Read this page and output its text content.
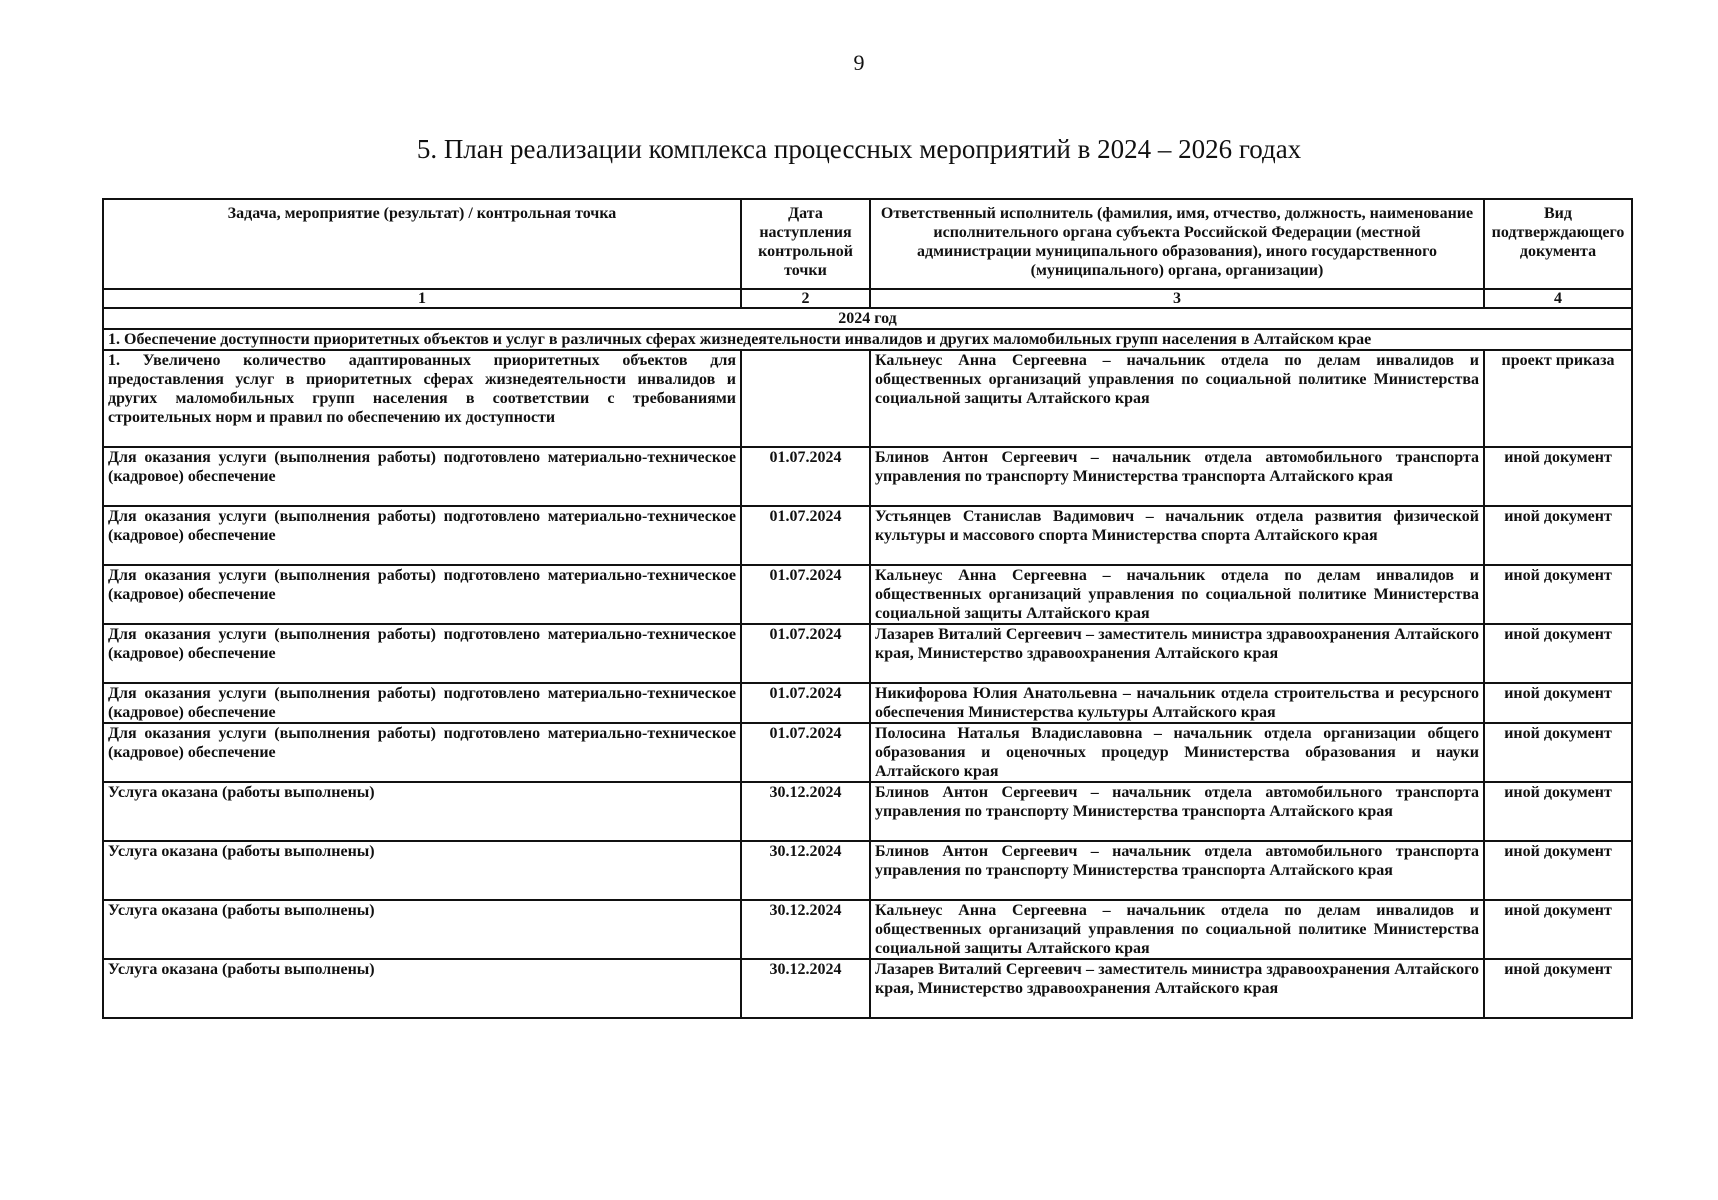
9
5. План реализации комплекса процессных мероприятий в 2024 – 2026 годах
Задача, мероприятие (результат) / контрольная точка	Дата наступления контрольной точки	Ответственный исполнитель (фамилия, имя, отчество, должность, наименование исполнительного органа субъекта Российской Федерации (местной администрации муниципального образования), иного государственного (муниципального) органа, организации)	Вид подтверждающего документа
1	2	3	4
2024 год			
1. Обеспечение доступности приоритетных объектов и услуг в различных сферах жизнедеятельности инвалидов и других маломобильных групп населения в Алтайском крае			
1. Увеличено количество адаптированных приоритетных объектов для предоставления услуг в приоритетных сферах жизнедеятельности инвалидов и других маломобильных групп населения в соответствии с требованиями строительных норм и правил по обеспечению их доступности		Кальнеус Анна Сергеевна – начальник отдела по делам инвалидов и общественных организаций управления по социальной политике Министерства социальной защиты Алтайского края	проект приказа
Для оказания услуги (выполнения работы) подготовлено материально-техническое (кадровое) обеспечение	01.07.2024	Блинов Антон Сергеевич – начальник отдела автомобильного транспорта управления по транспорту Министерства транспорта Алтайского края	иной документ
Для оказания услуги (выполнения работы) подготовлено материально-техническое (кадровое) обеспечение	01.07.2024	Устьянцев Станислав Вадимович – начальник отдела развития физической культуры и массового спорта Министерства спорта Алтайского края	иной документ
Для оказания услуги (выполнения работы) подготовлено материально-техническое (кадровое) обеспечение	01.07.2024	Кальнеус Анна Сергеевна – начальник отдела по делам инвалидов и общественных организаций управления по социальной политике Министерства социальной защиты Алтайского края	иной документ
Для оказания услуги (выполнения работы) подготовлено материально-техническое (кадровое) обеспечение	01.07.2024	Лазарев Виталий Сергеевич – заместитель министра здравоохранения Алтайского края, Министерство здравоохранения Алтайского края	иной документ
Для оказания услуги (выполнения работы) подготовлено материально-техническое (кадровое) обеспечение	01.07.2024	Никифорова Юлия Анатольевна – начальник отдела строительства и ресурсного обеспечения Министерства культуры Алтайского края	иной документ
Для оказания услуги (выполнения работы) подготовлено материально-техническое (кадровое) обеспечение	01.07.2024	Полосина Наталья Владиславовна – начальник отдела организации общего образования и оценочных процедур Министерства образования и науки Алтайского края	иной документ
Услуга оказана (работы выполнены)	30.12.2024	Блинов Антон Сергеевич – начальник отдела автомобильного транспорта управления по транспорту Министерства транспорта Алтайского края	иной документ
Услуга оказана (работы выполнены)	30.12.2024	Блинов Антон Сергеевич – начальник отдела автомобильного транспорта управления по транспорту Министерства транспорта Алтайского края	иной документ
Услуга оказана (работы выполнены)	30.12.2024	Кальнеус Анна Сергеевна – начальник отдела по делам инвалидов и общественных организаций управления по социальной политике Министерства социальной защиты Алтайского края	иной документ
Услуга оказана (работы выполнены)	30.12.2024	Лазарев Виталий Сергеевич – заместитель министра здравоохранения Алтайского края, Министерство здравоохранения Алтайского края	иной документ
